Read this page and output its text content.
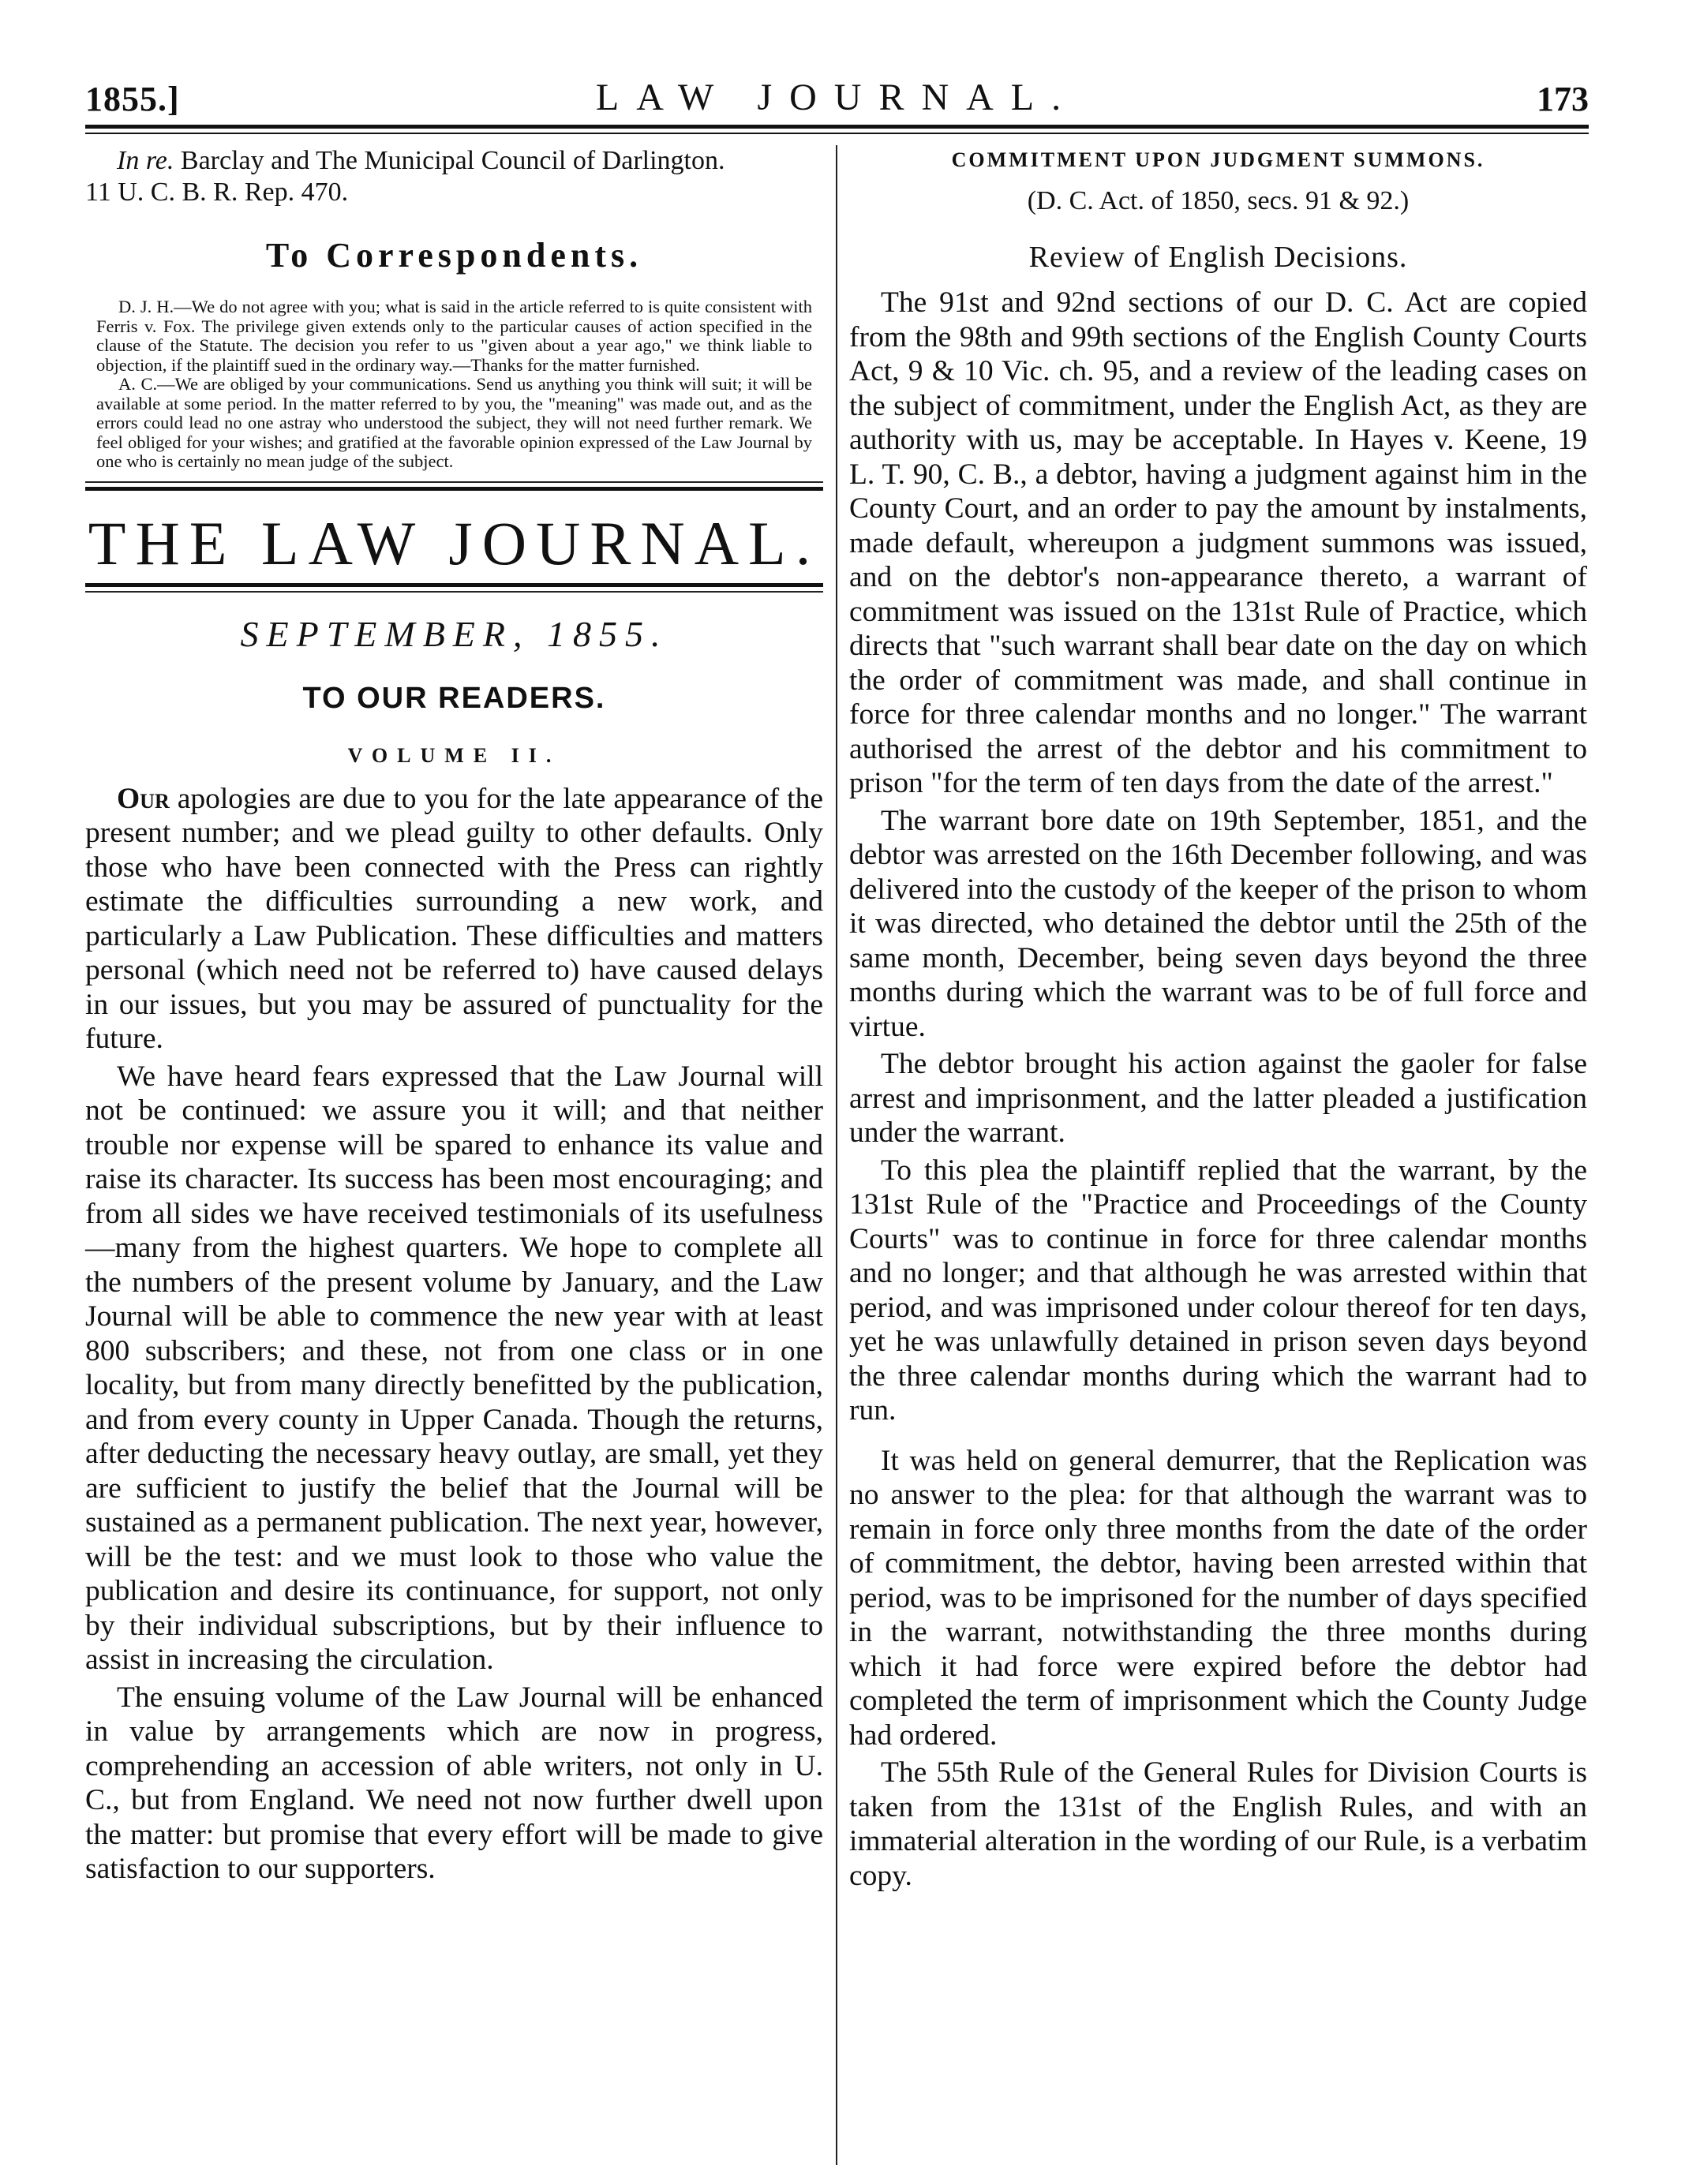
1855.]	LAW JOURNAL.	173
In re. Barclay and The Municipal Council of Darlington.
11 U. C. B. R. Rep. 470.
To Correspondents.

D. J. H.—We do not agree with you; what is said in the article referred to is quite consistent with Ferris v. Fox. The privilege given extends only to the particular causes of action specified in the clause of the Statute. The decision you refer to us "given about a year ago," we think liable to objection, if the plaintiff sued in the ordinary way.—Thanks for the matter furnished.

A. C.—We are obliged by your communications. Send us anything you think will suit; it will be available at some period. In the matter referred to by you, the "meaning" was made out, and as the errors could lead no one astray who understood the subject, they will not need further remark. We feel obliged for your wishes; and gratified at the favorable opinion expressed of the Law Journal by one who is certainly no mean judge of the subject.

THE LAW JOURNAL.
SEPTEMBER, 1855.
TO OUR READERS.
VOLUME II.

Our apologies are due to you for the late appearance of the present number; and we plead guilty to other defaults. Only those who have been connected with the Press can rightly estimate the difficulties surrounding a new work, and particularly a Law Publication. These difficulties and matters personal (which need not be referred to) have caused delays in our issues, but you may be assured of punctuality for the future.

We have heard fears expressed that the Law Journal will not be continued: we assure you it will; and that neither trouble nor expense will be spared to enhance its value and raise its character. Its success has been most encouraging; and from all sides we have received testimonials of its usefulness—many from the highest quarters. We hope to complete all the numbers of the present volume by January, and the Law Journal will be able to commence the new year with at least 800 subscribers; and these, not from one class or in one locality, but from many directly benefitted by the publication, and from every county in Upper Canada. Though the returns, after deducting the necessary heavy outlay, are small, yet they are sufficient to justify the belief that the Journal will be sustained as a permanent publication. The next year, however, will be the test: and we must look to those who value the publication and desire its continuance, for support, not only by their individual subscriptions, but by their influence to assist in increasing the circulation.

The ensuing volume of the Law Journal will be enhanced in value by arrangements which are now in progress, comprehending an accession of able writers, not only in U. C., but from England. We need not now further dwell upon the matter: but promise that every effort will be made to give satisfaction to our supporters.

COMMITMENT UPON JUDGMENT SUMMONS.
(D. C. Act. of 1850, secs. 91 & 92.)
Review of English Decisions.

The 91st and 92nd sections of our D. C. Act are copied from the 98th and 99th sections of the English County Courts Act, 9 & 10 Vic. ch. 95, and a review of the leading cases on the subject of commitment, under the English Act, as they are authority with us, may be acceptable. In Hayes v. Keene, 19 L. T. 90, C. B., a debtor, having a judgment against him in the County Court, and an order to pay the amount by instalments, made default, whereupon a judgment summons was issued, and on the debtor's non-appearance thereto, a warrant of commitment was issued on the 131st Rule of Practice, which directs that "such warrant shall bear date on the day on which the order of commitment was made, and shall continue in force for three calendar months and no longer." The warrant authorised the arrest of the debtor and his commitment to prison "for the term of ten days from the date of the arrest."

The warrant bore date on 19th September, 1851, and the debtor was arrested on the 16th December following, and was delivered into the custody of the keeper of the prison to whom it was directed, who detained the debtor until the 25th of the same month, December, being seven days beyond the three months during which the warrant was to be of full force and virtue.

The debtor brought his action against the gaoler for false arrest and imprisonment, and the latter pleaded a justification under the warrant.

To this plea the plaintiff replied that the warrant, by the 131st Rule of the "Practice and Proceedings of the County Courts" was to continue in force for three calendar months and no longer; and that although he was arrested within that period, and was imprisoned under colour thereof for ten days, yet he was unlawfully detained in prison seven days beyond the three calendar months during which the warrant had to run.

It was held on general demurrer, that the Replication was no answer to the plea: for that although the warrant was to remain in force only three months from the date of the order of commitment, the debtor, having been arrested within that period, was to be imprisoned for the number of days specified in the warrant, notwithstanding the three months during which it had force were expired before the debtor had completed the term of imprisonment which the County Judge had ordered.

The 55th Rule of the General Rules for Division Courts is taken from the 131st of the English Rules, and with an immaterial alteration in the wording of our Rule, is a verbatim copy.
